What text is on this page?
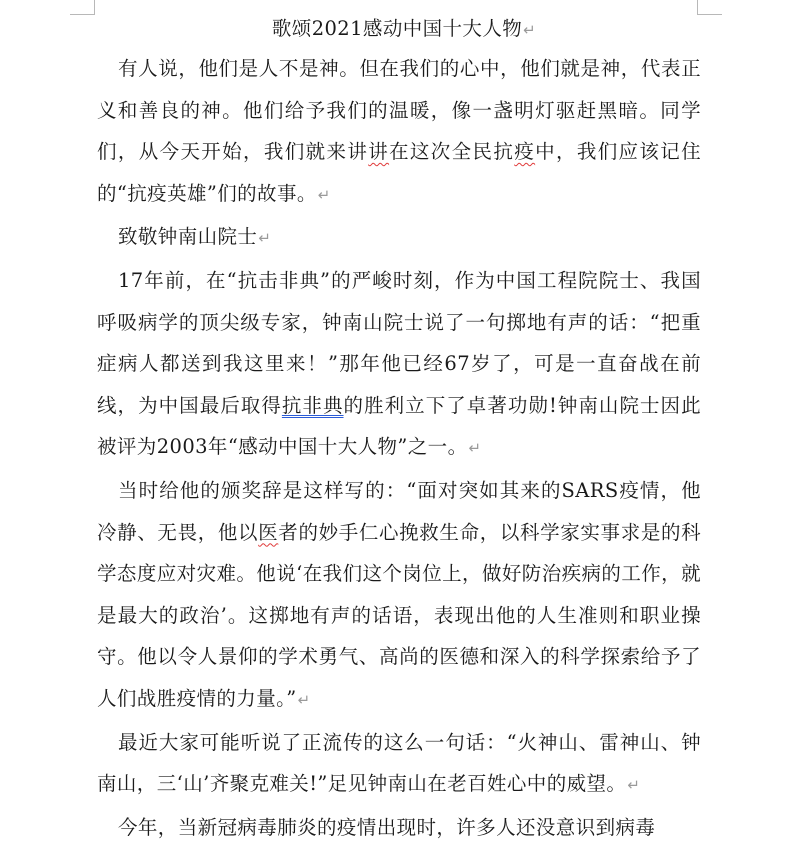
歌颂2021感动中国十大人物↵
有人说，他们是人不是神。但在我们的心中，他们就是神，代表正义和善良的神。他们给予我们的温暖，像一盏明灯驱赶黑暗。同学们，从今天开始，我们就来讲讲在这次全民抗疫中，我们应该记住的“抗疫英雄”们的故事。↵
致敬钟南山院士↵
17年前，在“抗击非典”的严峻时刻，作为中国工程院院士、我国呼吸病学的顶尖级专家，钟南山院士说了一句掷地有声的话：“把重症病人都送到我这里来！”那年他已经67岁了，可是一直奋战在前线，为中国最后取得抗非典的胜利立下了卓著功勋!钟南山院士因此被评为2003年“感动中国十大人物”之一。↵
当时给他的颁奖辞是这样写的：“面对突如其来的SARS疫情，他冷静、无畏，他以医者的妙手仁心挽救生命，以科学家实事求是的科学态度应对灾难。他说‘在我们这个岗位上，做好防治疾病的工作，就是最大的政治’。这掷地有声的话语，表现出他的人生准则和职业操守。他以令人景仰的学术勇气、高尚的医德和深入的科学探索给予了人们战胜疫情的力量。”↵
最近大家可能听说了正流传的这么一句话：“火神山、雷神山、钟南山，三‘山’齐聚克难关!”足见钟南山在老百姓心中的威望。↵
今年，当新冠病毒肺炎的疫情出现时，许多人还没意识到病毒
